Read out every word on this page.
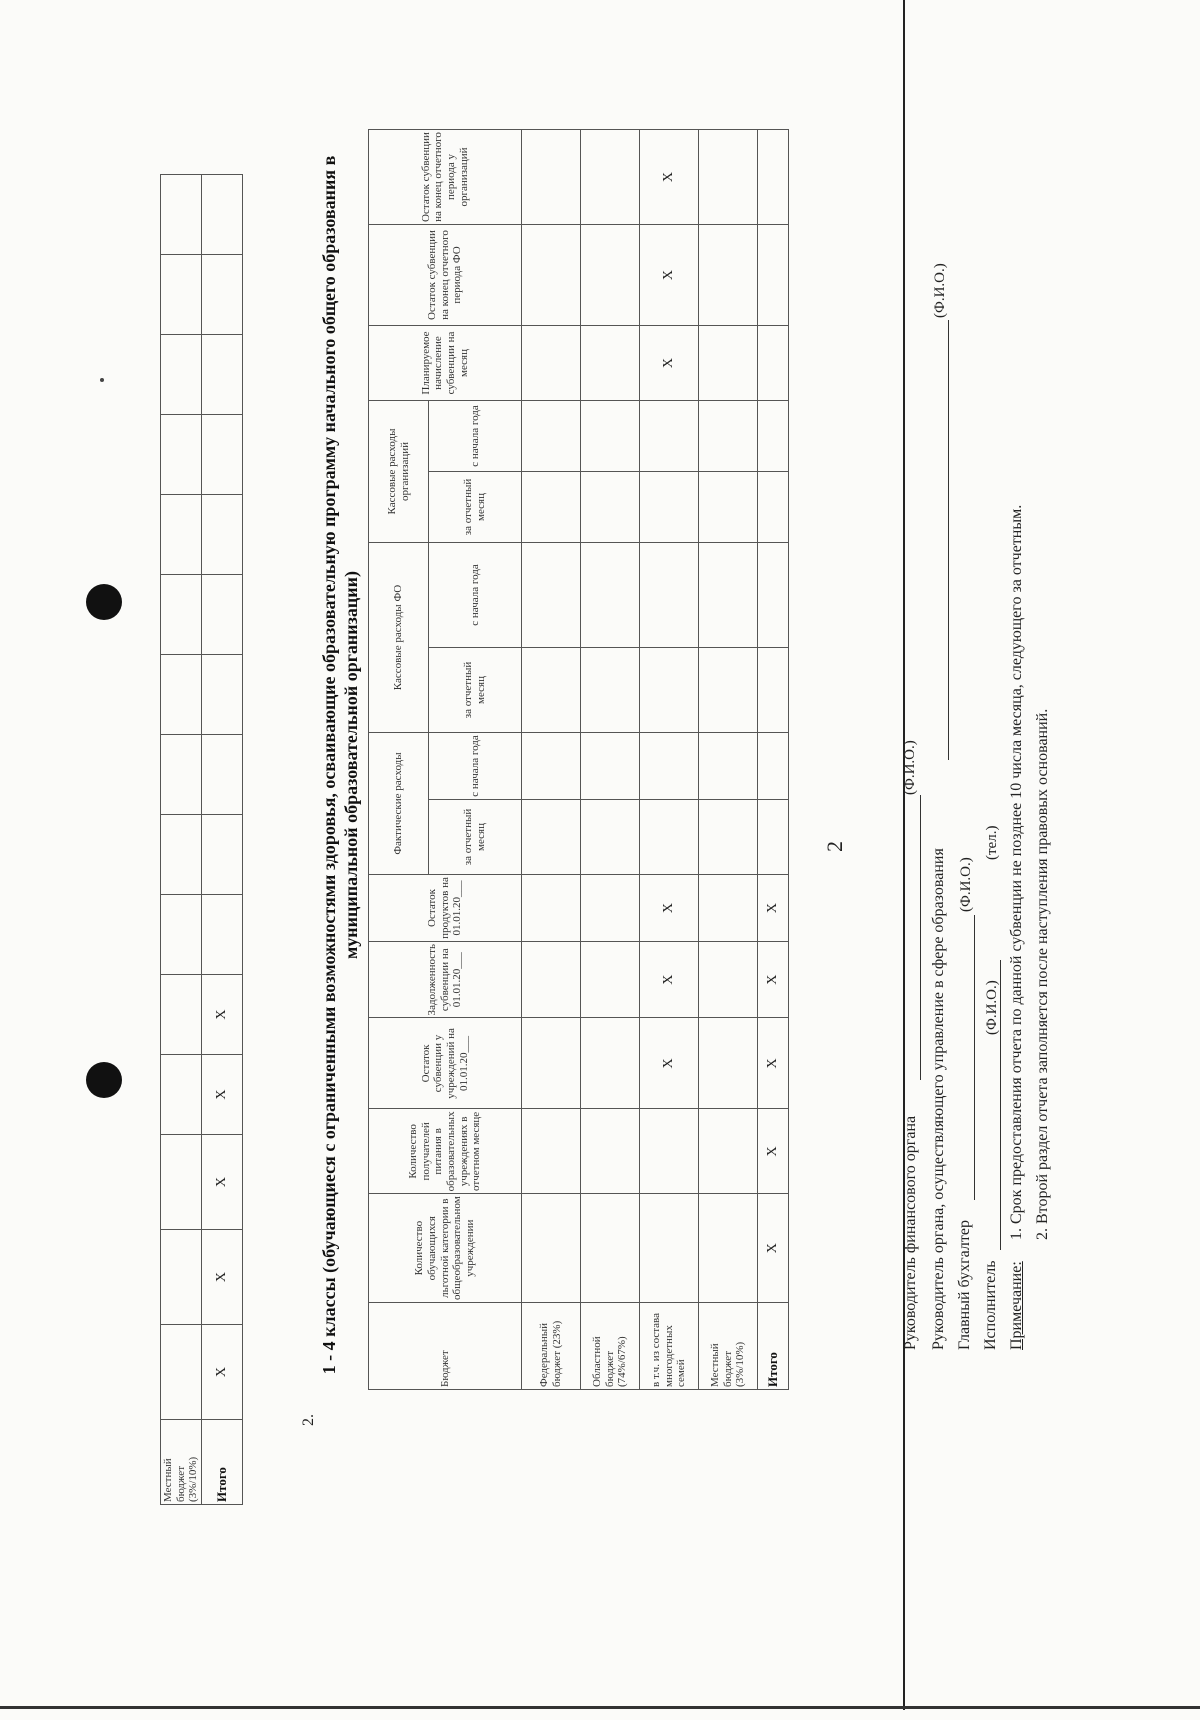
2
Местный бюджет (3%/10%)															
Итого	X	X	X	X	X										
2.
1 - 4 классы (обучающиеся с ограниченными возможностями здоровья, осваивающие образовательную программу начального общего образования в муниципальной образовательной организации)
Бюджет	Количество обучающихся льготной категории в общеобразовательном учреждении	Количество получателей питания в образовательных учреждениях в отчетном месяце	Остаток субвенции у учреждений на 01.01.20___	Задолженность субвенции на 01.01.20___	Остаток продуктов на 01.01.20___	Фактические расходы		Кассовые расходы ФО		Кассовые расходы организаций		Планируемое начисление субвенции на месяц	Остаток субвенции на конец отчетного периода ФО	Остаток субвенции на конец отчетного периода у организаций
						за отчетный месяц	с начала года	за отчетный месяц	с начала года	за отчетный месяц	с начала года			
Федеральный бюджет (23%)														
Областной бюджет (74%/67%)														
в т.ч. из состава многодетных семей			X	X	X							X	X	X
Местный бюджет (3%/10%)														
Итого	X	X	X	X	X									
Руководитель финансового органа
(Ф.И.О.)
Руководитель органа, осуществляющего управление в сфере образования
(Ф.И.О.)
Главный бухгалтер
(Ф.И.О.)
Исполнитель
(Ф.И.О.)
(тел.)
Примечание:
1. Срок предоставления отчета по данной субвенции не позднее 10 числа месяца, следующего за отчетным. 2. Второй раздел отчета заполняется после наступления правовых оснований.
